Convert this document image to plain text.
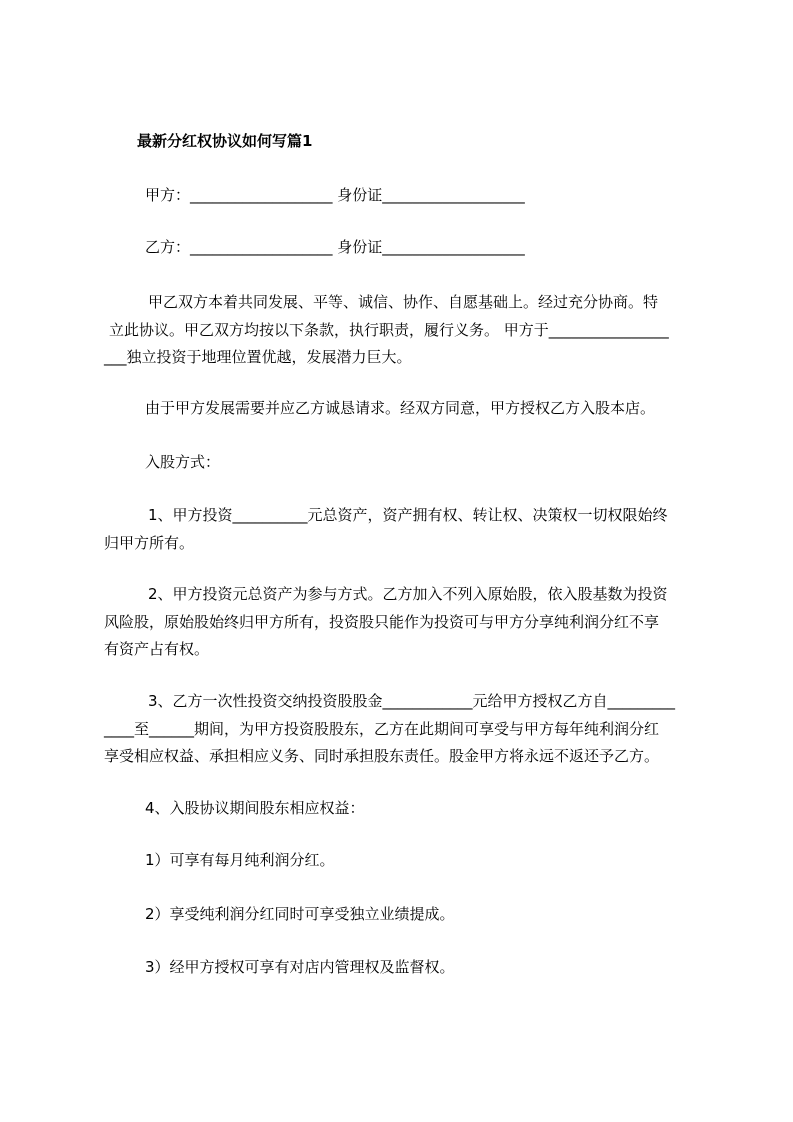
最新分红权协议如何写篇1
甲方：___________________ 身份证___________________
乙方：___________________ 身份证___________________
甲乙双方本着共同发展、平等、诚信、协作、自愿基础上。经过充分协商。特
立此协议。甲乙双方均按以下条款，执行职责，履行义务。 甲方于________________
___独立投资于地理位置优越，发展潜力巨大。
由于甲方发展需要并应乙方诚恳请求。经双方同意，甲方授权乙方入股本店。
入股方式：
1、甲方投资__________元总资产，资产拥有权、转让权、决策权一切权限始终
归甲方所有。
2、甲方投资元总资产为参与方式。乙方加入不列入原始股，依入股基数为投资
风险股，原始股始终归甲方所有，投资股只能作为投资可与甲方分享纯利润分红不享
有资产占有权。
3、乙方一次性投资交纳投资股股金____________元给甲方授权乙方自_________
____至______期间，为甲方投资股股东，乙方在此期间可享受与甲方每年纯利润分红
享受相应权益、承担相应义务、同时承担股东责任。股金甲方将永远不返还予乙方。
4、入股协议期间股东相应权益：
1）可享有每月纯利润分红。
2）享受纯利润分红同时可享受独立业绩提成。
3）经甲方授权可享有对店内管理权及监督权。
